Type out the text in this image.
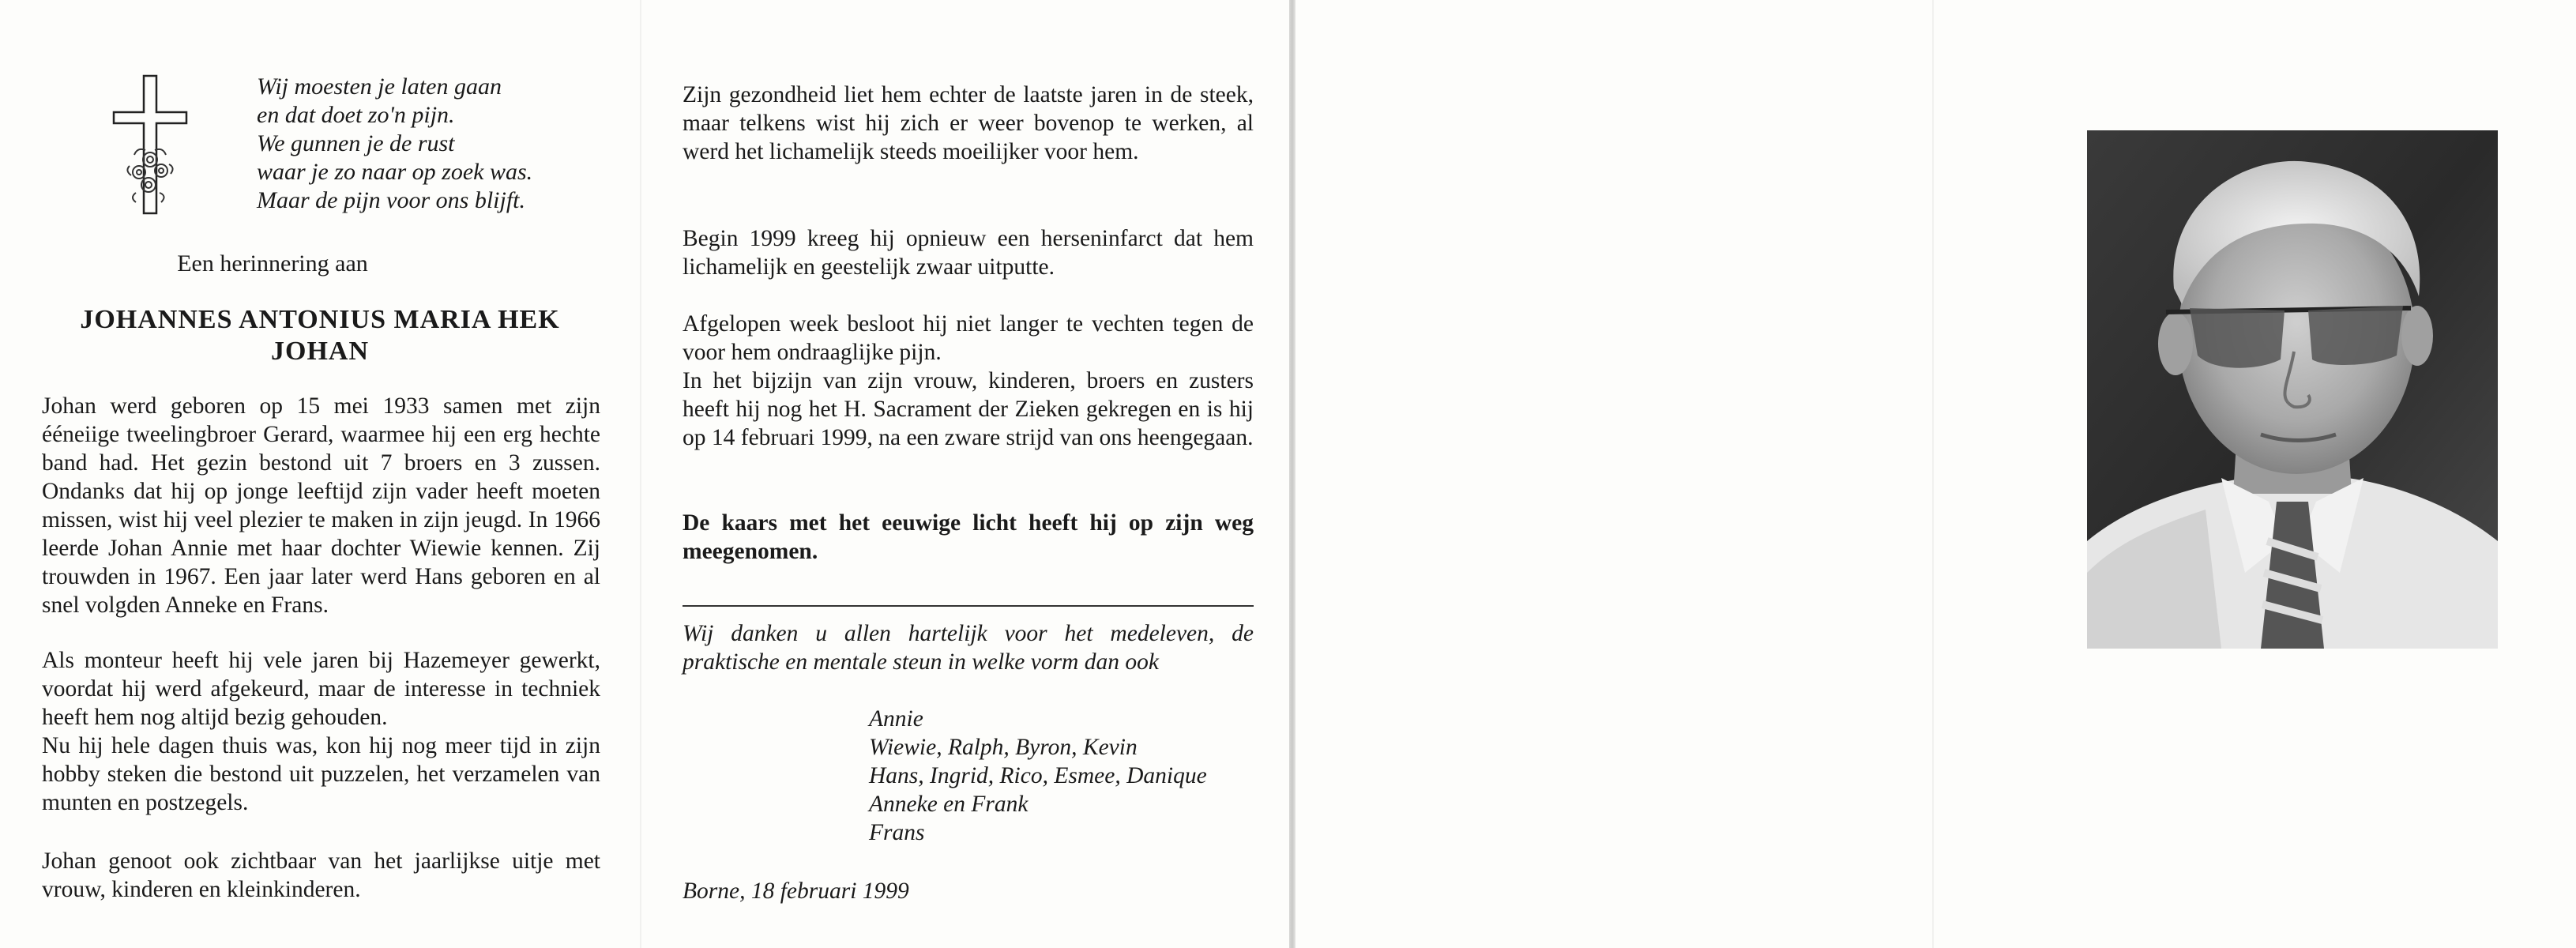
Wij moesten je laten gaan
en dat doet zo'n pijn.
We gunnen je de rust
waar je zo naar op zoek was.
Maar de pijn voor ons blijft.
Een herinnering aan
JOHANNES ANTONIUS MARIA HEK
JOHAN
Johan werd geboren op 15 mei 1933 samen met zijn ééneiige tweelingbroer Gerard, waarmee hij een erg hechte band had. Het gezin bestond uit 7 broers en 3 zussen. Ondanks dat hij op jonge leeftijd zijn vader heeft moeten missen, wist hij veel plezier te maken in zijn jeugd. In 1966 leerde Johan Annie met haar dochter Wiewie kennen. Zij trouwden in 1967. Een jaar later werd Hans geboren en al snel volgden Anneke en Frans.
Als monteur heeft hij vele jaren bij Hazemeyer gewerkt, voordat hij werd afgekeurd, maar de interesse in techniek heeft hem nog altijd bezig gehouden.
Nu hij hele dagen thuis was, kon hij nog meer tijd in zijn hobby steken die bestond uit puzzelen, het verzamelen van munten en postzegels.
Johan genoot ook zichtbaar van het jaarlijkse uitje met vrouw, kinderen en kleinkinderen.
Zijn gezondheid liet hem echter de laatste jaren in de steek, maar telkens wist hij zich er weer bovenop te werken, al werd het lichamelijk steeds moeilijker voor hem.
Begin 1999 kreeg hij opnieuw een herseninfarct dat hem lichamelijk en geestelijk zwaar uitputte.
Afgelopen week besloot hij niet langer te vechten tegen de voor hem ondraaglijke pijn.
In het bijzijn van zijn vrouw, kinderen, broers en zusters heeft hij nog het H. Sacrament der Zieken gekregen en is hij op 14 februari 1999, na een zware strijd van ons heengegaan.
De kaars met het eeuwige licht heeft hij op zijn weg meegenomen.
Wij danken u allen hartelijk voor het medeleven, de praktische en mentale steun in welke vorm dan ook
Annie
Wiewie, Ralph, Byron, Kevin
Hans, Ingrid, Rico, Esmee, Danique
Anneke en Frank
Frans
Borne, 18 februari 1999
